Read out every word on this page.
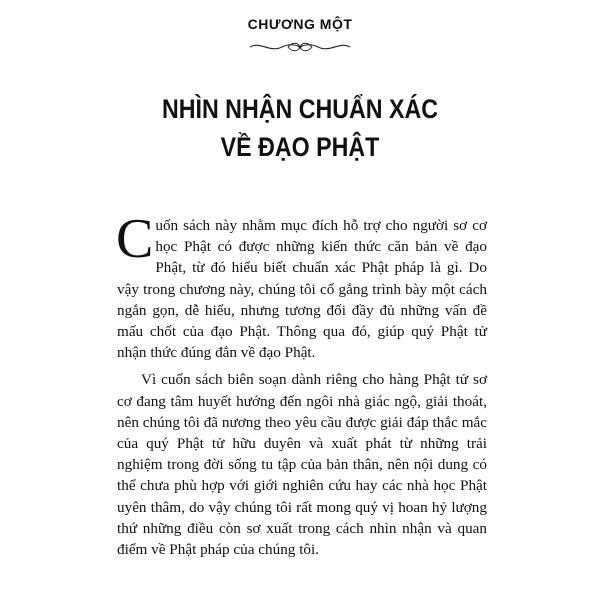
CHƯƠNG MỘT
NHÌN NHẬN CHUẨN XÁC
VỀ ĐẠO PHẬT

Cuốn sách này nhằm mục đích hỗ trợ cho người sơ cơ học Phật có được những kiến thức căn bản về đạo Phật, từ đó hiểu biết chuẩn xác Phật pháp là gì. Do vậy trong chương này, chúng tôi cố gắng trình bày một cách ngắn gọn, dễ hiểu, nhưng tương đối đầy đủ những vấn đề mấu chốt của đạo Phật. Thông qua đó, giúp quý Phật tử nhận thức đúng đắn về đạo Phật.

Vì cuốn sách biên soạn dành riêng cho hàng Phật tử sơ cơ đang tâm huyết hướng đến ngôi nhà giác ngộ, giải thoát, nên chúng tôi đã nương theo yêu cầu được giải đáp thắc mắc của quý Phật tử hữu duyên và xuất phát từ những trải nghiệm trong đời sống tu tập của bản thân, nên nội dung có thể chưa phù hợp với giới nghiên cứu hay các nhà học Phật uyên thâm, do vậy chúng tôi rất mong quý vị hoan hỷ lượng thứ những điều còn sơ xuất trong cách nhìn nhận và quan điểm về Phật pháp của chúng tôi.
